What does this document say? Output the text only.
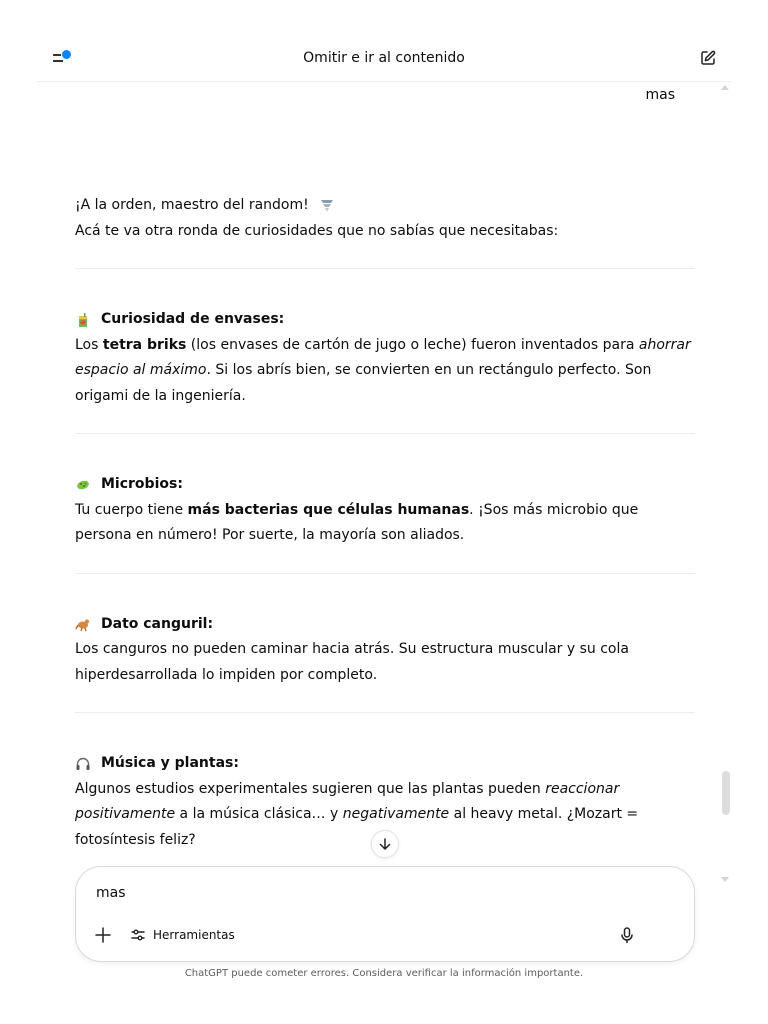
Omitir e ir al contenido
mas

¡A la orden, maestro del random!

Acá te va otra ronda de curiosidades que no sabías que necesitabas:

Curiosidad de envases:

Los tetra briks (los envases de cartón de jugo o leche) fueron inventados para ahorrar espacio al máximo. Si los abrís bien, se convierten en un rectángulo perfecto. Son origami de la ingeniería.

Microbios:

Tu cuerpo tiene más bacterias que células humanas. ¡Sos más microbio que persona en número! Por suerte, la mayoría son aliados.

Dato canguril:

Los canguros no pueden caminar hacia atrás. Su estructura muscular y su cola hiperdesarrollada lo impiden por completo.

Música y plantas:

Algunos estudios experimentales sugieren que las plantas pueden reaccionar positivamente a la música clásica… y negativamente al heavy metal. ¿Mozart = fotosíntesis feliz?

mas
Herramientas
ChatGPT puede cometer errores. Considera verificar la información importante.
